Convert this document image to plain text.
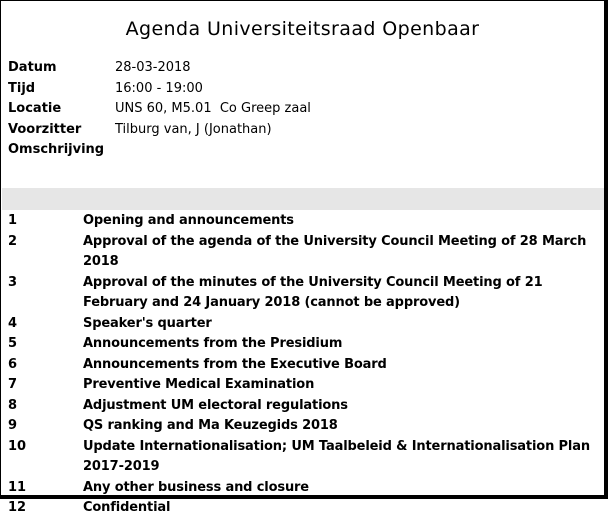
Agenda Universiteitsraad Openbaar
Datum	28-03-2018
Tijd	16:00 - 19:00
Locatie	UNS 60, M5.01  Co Greep zaal
Voorzitter	Tilburg van, J (Jonathan)
Omschrijving
1	Opening and announcements
2	Approval of the agenda of the University Council Meeting of 28 March 2018
3	Approval of the minutes of the University Council Meeting of 21 February and 24 January 2018 (cannot be approved)
4	Speaker's quarter
5	Announcements from the Presidium
6	Announcements from the Executive Board
7	Preventive Medical Examination
8	Adjustment UM electoral regulations
9	QS ranking and Ma Keuzegids 2018
10	Update Internationalisation; UM Taalbeleid & Internationalisation Plan 2017-2019
11	Any other business and closure
12	Confidential
